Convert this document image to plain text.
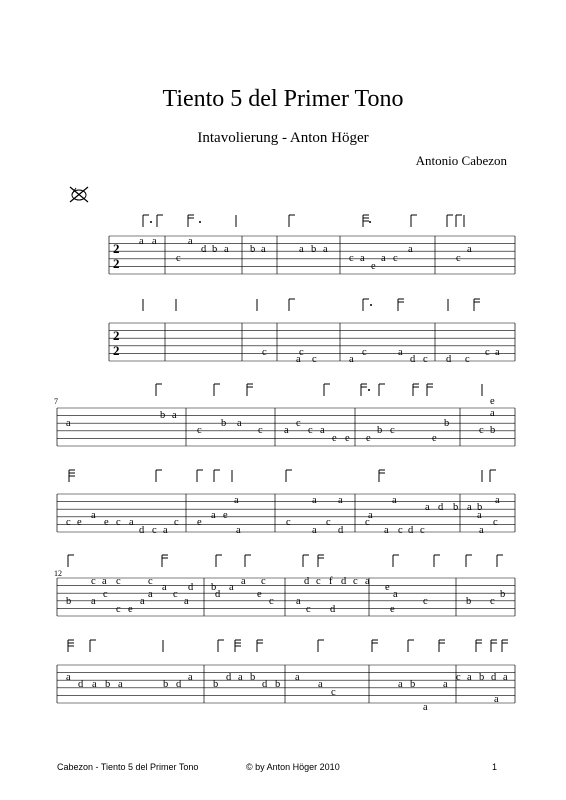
Tiento 5 del Primer Tono
Intavolierung - Anton Höger
Antonio Cabezon
2
2
2
2
7
12
a a
c
a
d b a b a	a b a
c a
e
a c
a
c
a
c	c
a c	a
c	a
d c d c
c a
a
b a
c
b a
c a
c
c a
e e e
b c
e
b
c b
e
a
c e
a
e c a
d c a
c e
a e
a
a
c
a
c
d
a a
c
a
a c d c
a
a d b a b
a
a
a
c
c a c
b a
c
c e
a
c
a
a
c
a
d b
d
a
a
e
c
c
a
c d
d c f d c a
e
a
e
c	b c
b
a
d a b a	b d
a
b
d a b
d b
a
a
c
a b
a
a
c a b d a
a
Cabezon - Tiento 5 del Primer Tono	© by Anton Höger 2010	1
